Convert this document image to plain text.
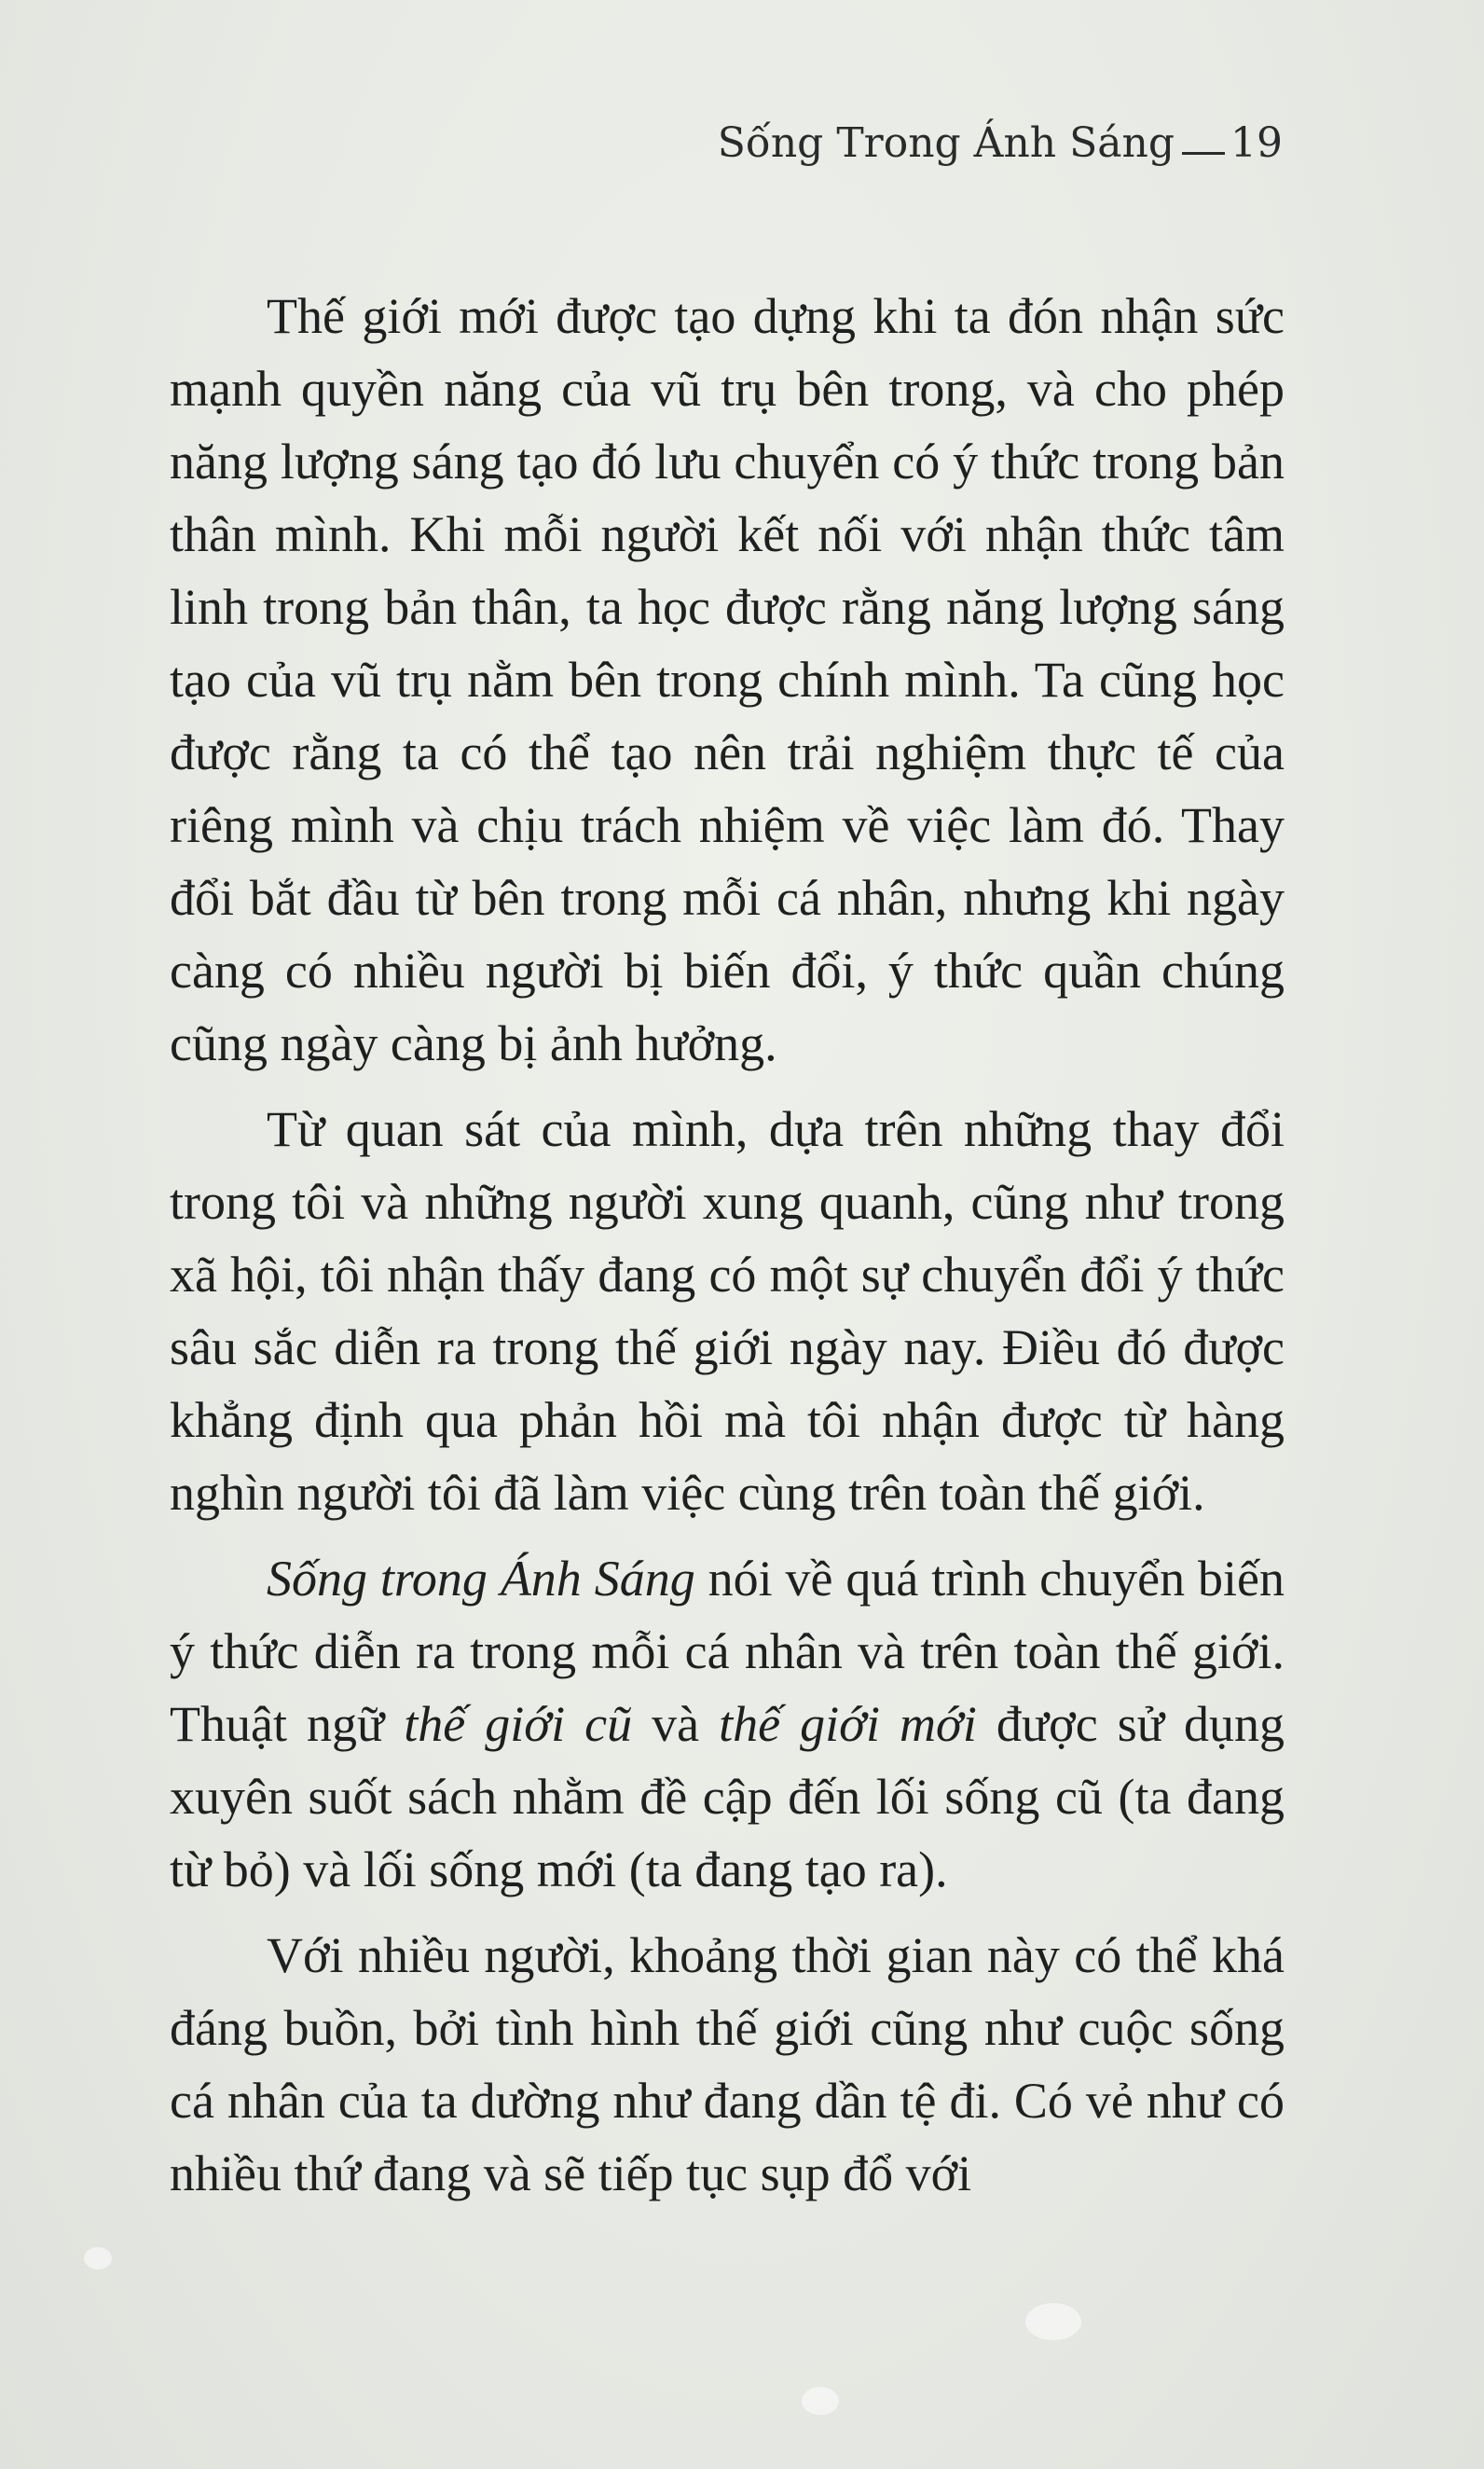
Sống Trong Ánh Sáng 19

Thế giới mới được tạo dựng khi ta đón nhận sức mạnh quyền năng của vũ trụ bên trong, và cho phép năng lượng sáng tạo đó lưu chuyển có ý thức trong bản thân mình. Khi mỗi người kết nối với nhận thức tâm linh trong bản thân, ta học được rằng năng lượng sáng tạo của vũ trụ nằm bên trong chính mình. Ta cũng học được rằng ta có thể tạo nên trải nghiệm thực tế của riêng mình và chịu trách nhiệm về việc làm đó. Thay đổi bắt đầu từ bên trong mỗi cá nhân, nhưng khi ngày càng có nhiều người bị biến đổi, ý thức quần chúng cũng ngày càng bị ảnh hưởng.

Từ quan sát của mình, dựa trên những thay đổi trong tôi và những người xung quanh, cũng như trong xã hội, tôi nhận thấy đang có một sự chuyển đổi ý thức sâu sắc diễn ra trong thế giới ngày nay. Điều đó được khẳng định qua phản hồi mà tôi nhận được từ hàng nghìn người tôi đã làm việc cùng trên toàn thế giới.

Sống trong Ánh Sáng nói về quá trình chuyển biến ý thức diễn ra trong mỗi cá nhân và trên toàn thế giới. Thuật ngữ thế giới cũ và thế giới mới được sử dụng xuyên suốt sách nhằm đề cập đến lối sống cũ (ta đang từ bỏ) và lối sống mới (ta đang tạo ra).

Với nhiều người, khoảng thời gian này có thể khá đáng buồn, bởi tình hình thế giới cũng như cuộc sống cá nhân của ta dường như đang dần tệ đi. Có vẻ như có nhiều thứ đang và sẽ tiếp tục sụp đổ với
